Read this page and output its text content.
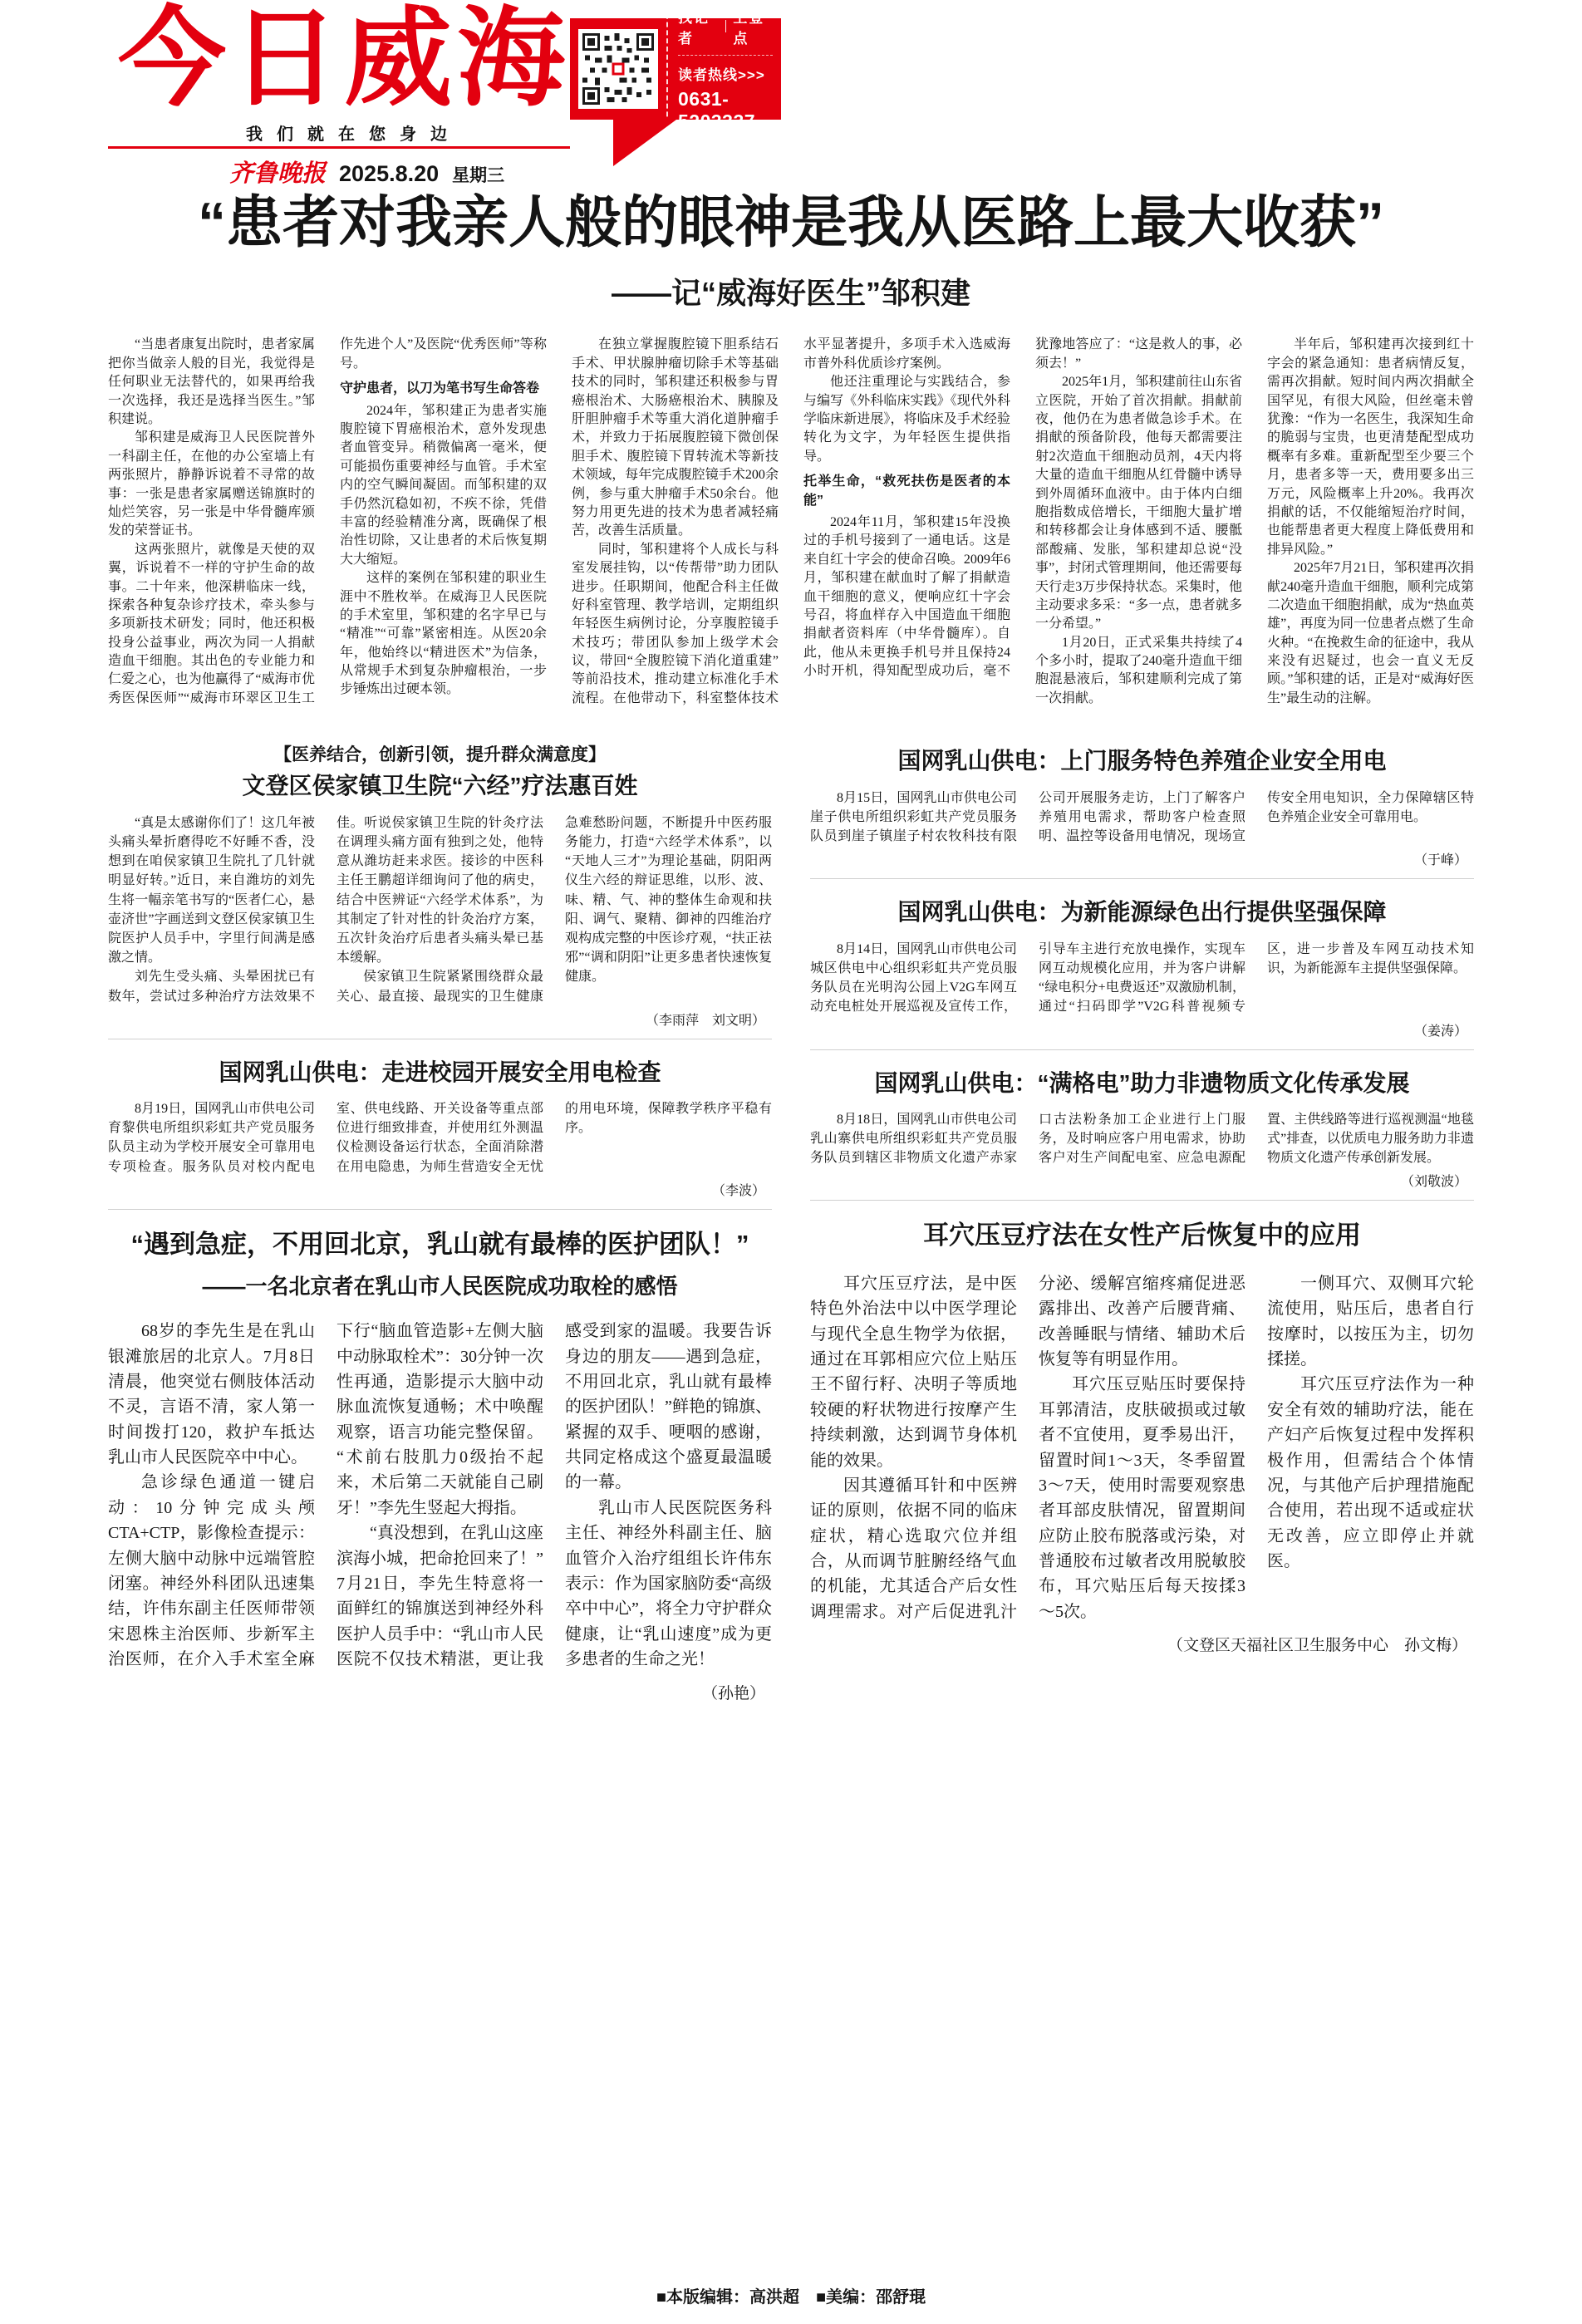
今日威海	找记者
上壹点
读者热线>>>
0631-5203337
我们就在您身边
齐鲁晚报 2025.8.20 星期三
“患者对我亲人般的眼神是我从医路上最大收获”
——记“威海好医生”邹积建

“当患者康复出院时，患者家属把你当做亲人般的目光，我觉得是任何职业无法替代的，如果再给我一次选择，我还是选择当医生。”邹积建说。

邹积建是威海卫人民医院普外一科副主任，在他的办公室墙上有两张照片，静静诉说着不寻常的故事：一张是患者家属赠送锦旗时的灿烂笑容，另一张是中华骨髓库颁发的荣誉证书。

这两张照片，就像是天使的双翼，诉说着不一样的守护生命的故事。二十年来，他深耕临床一线，探索各种复杂诊疗技术，牵头参与多项新技术研发；同时，他还积极投身公益事业，两次为同一人捐献造血干细胞。其出色的专业能力和仁爱之心，也为他赢得了“威海市优秀医保医师”“威海市环翠区卫生工作先进个人”及医院“优秀医师”等称号。

守护患者，以刀为笔书写生命答卷

2024年，邹积建正为患者实施腹腔镜下胃癌根治术，意外发现患者血管变异。稍微偏离一毫米，便可能损伤重要神经与血管。手术室内的空气瞬间凝固。而邹积建的双手仍然沉稳如初，不疾不徐，凭借丰富的经验精准分离，既确保了根治性切除，又让患者的术后恢复期大大缩短。

这样的案例在邹积建的职业生涯中不胜枚举。在威海卫人民医院的手术室里，邹积建的名字早已与“精准”“可靠”紧密相连。从医20余年，他始终以“精进医术”为信条，从常规手术到复杂肿瘤根治，一步步锤炼出过硬本领。

在独立掌握腹腔镜下胆系结石手术、甲状腺肿瘤切除手术等基础技术的同时，邹积建还积极参与胃癌根治术、大肠癌根治术、胰腺及肝胆肿瘤手术等重大消化道肿瘤手术，并致力于拓展腹腔镜下微创保胆手术、腹腔镜下胃转流术等新技术领域，每年完成腹腔镜手术200余例，参与重大肿瘤手术50余台。他努力用更先进的技术为患者减轻痛苦，改善生活质量。

同时，邹积建将个人成长与科室发展挂钩，以“传帮带”助力团队进步。任职期间，他配合科主任做好科室管理、教学培训，定期组织年轻医生病例讨论，分享腹腔镜手术技巧；带团队参加上级学术会议，带回“全腹腔镜下消化道重建”等前沿技术，推动建立标准化手术流程。在他带动下，科室整体技术水平显著提升，多项手术入选威海市普外科优质诊疗案例。

他还注重理论与实践结合，参与编写《外科临床实践》《现代外科学临床新进展》，将临床及手术经验转化为文字，为年轻医生提供指导。

托举生命，“救死扶伤是医者的本能”

2024年11月，邹积建15年没换过的手机号接到了一通电话。这是来自红十字会的使命召唤。2009年6月，邹积建在献血时了解了捐献造血干细胞的意义，便响应红十字会号召，将血样存入中国造血干细胞捐献者资料库（中华骨髓库）。自此，他从未更换手机号并且保持24小时开机，得知配型成功后，毫不犹豫地答应了：“这是救人的事，必须去！”

2025年1月，邹积建前往山东省立医院，开始了首次捐献。捐献前夜，他仍在为患者做急诊手术。在捐献的预备阶段，他每天都需要注射2次造血干细胞动员剂，4天内将大量的造血干细胞从红骨髓中诱导到外周循环血液中。由于体内白细胞指数成倍增长，干细胞大量扩增和转移都会让身体感到不适、腰骶部酸痛、发胀，邹积建却总说“没事”，封闭式管理期间，他还需要每天行走3万步保持状态。采集时，他主动要求多采：“多一点，患者就多一分希望。”

1月20日，正式采集共持续了4个多小时，提取了240毫升造血干细胞混悬液后，邹积建顺利完成了第一次捐献。

半年后，邹积建再次接到红十字会的紧急通知：患者病情反复，需再次捐献。短时间内两次捐献全国罕见，有很大风险，但丝毫未曾犹豫：“作为一名医生，我深知生命的脆弱与宝贵，也更清楚配型成功概率有多难。重新配型至少要三个月，患者多等一天，费用要多出三万元，风险概率上升20%。我再次捐献的话，不仅能缩短治疗时间，也能帮患者更大程度上降低费用和排异风险。”

2025年7月21日，邹积建再次捐献240毫升造血干细胞，顺利完成第二次造血干细胞捐献，成为“热血英雄”，再度为同一位患者点燃了生命火种。“在挽救生命的征途中，我从来没有迟疑过，也会一直义无反顾。”邹积建的话，正是对“威海好医生”最生动的注解。

【医养结合，创新引领，提升群众满意度】
文登区侯家镇卫生院“六经”疗法惠百姓

“真是太感谢你们了！这几年被头痛头晕折磨得吃不好睡不香，没想到在咱侯家镇卫生院扎了几针就明显好转。”近日，来自潍坊的刘先生将一幅亲笔书写的“医者仁心，悬壶济世”字画送到文登区侯家镇卫生院医护人员手中，字里行间满是感激之情。

刘先生受头痛、头晕困扰已有数年，尝试过多种治疗方法效果不佳。听说侯家镇卫生院的针灸疗法在调理头痛方面有独到之处，他特意从潍坊赶来求医。接诊的中医科主任王鹏超详细询问了他的病史，结合中医辨证“六经学术体系”，为其制定了针对性的针灸治疗方案，五次针灸治疗后患者头痛头晕已基本缓解。

侯家镇卫生院紧紧围绕群众最关心、最直接、最现实的卫生健康急难愁盼问题，不断提升中医药服务能力，打造“六经学术体系”，以“天地人三才”为理论基础，阴阳两仪生六经的辩证思维，以形、波、味、精、气、神的整体生命观和扶阳、调气、聚精、御神的四维治疗观构成完整的中医诊疗观，“扶正祛邪”“调和阴阳”让更多患者快速恢复健康。

（李雨萍　刘文明）
国网乳山供电：走进校园开展安全用电检查

8月19日，国网乳山市供电公司育黎供电所组织彩虹共产党员服务队员主动为学校开展安全可靠用电专项检查。服务队员对校内配电室、供电线路、开关设备等重点部位进行细致排查，并使用红外测温仪检测设备运行状态，全面消除潜在用电隐患，为师生营造安全无忧的用电环境，保障教学秩序平稳有序。

（李波）
“遇到急症，不用回北京，乳山就有最棒的医护团队！”
——一名北京者在乳山市人民医院成功取栓的感悟

68岁的李先生是在乳山银滩旅居的北京人。7月8日清晨，他突觉右侧肢体活动不灵，言语不清，家人第一时间拨打120，救护车抵达乳山市人民医院卒中中心。

急诊绿色通道一键启动：10分钟完成头颅CTA+CTP，影像检查提示：左侧大脑中动脉中远端管腔闭塞。神经外科团队迅速集结，许伟东副主任医师带领宋恩株主治医师、步新军主治医师，在介入手术室全麻下行“脑血管造影+左侧大脑中动脉取栓术”：30分钟一次性再通，造影提示大脑中动脉血流恢复通畅；术中唤醒观察，语言功能完整保留。“术前右肢肌力0级抬不起来，术后第二天就能自己刷牙！”李先生竖起大拇指。

“真没想到，在乳山这座滨海小城，把命抢回来了！”7月21日，李先生特意将一面鲜红的锦旗送到神经外科医护人员手中：“乳山市人民医院不仅技术精湛，更让我感受到家的温暖。我要告诉身边的朋友——遇到急症，不用回北京，乳山就有最棒的医护团队！”鲜艳的锦旗、紧握的双手、哽咽的感谢，共同定格成这个盛夏最温暖的一幕。

乳山市人民医院医务科主任、神经外科副主任、脑血管介入治疗组组长许伟东表示：作为国家脑防委“高级卒中中心”，将全力守护群众健康，让“乳山速度”成为更多患者的生命之光！

（孙艳）
国网乳山供电：上门服务特色养殖企业安全用电

8月15日，国网乳山市供电公司崖子供电所组织彩虹共产党员服务队员到崖子镇崖子村农牧科技有限公司开展服务走访，上门了解客户养殖用电需求，帮助客户检查照明、温控等设备用电情况，现场宣传安全用电知识，全力保障辖区特色养殖企业安全可靠用电。

（于峰）
国网乳山供电：为新能源绿色出行提供坚强保障

8月14日，国网乳山市供电公司城区供电中心组织彩虹共产党员服务队员在光明沟公园上V2G车网互动充电桩处开展巡视及宣传工作，引导车主进行充放电操作，实现车网互动规模化应用，并为客户讲解“绿电积分+电费返还”双激励机制，通过“扫码即学”V2G科普视频专区，进一步普及车网互动技术知识，为新能源车主提供坚强保障。

（姜涛）
国网乳山供电：“满格电”助力非遗物质文化传承发展

8月18日，国网乳山市供电公司乳山寨供电所组织彩虹共产党员服务队员到辖区非物质文化遗产赤家口古法粉条加工企业进行上门服务，及时响应客户用电需求，协助客户对生产间配电室、应急电源配置、主供线路等进行巡视测温“地毯式”排查，以优质电力服务助力非遗物质文化遗产传承创新发展。

（刘敬波）
耳穴压豆疗法在女性产后恢复中的应用

耳穴压豆疗法，是中医特色外治法中以中医学理论与现代全息生物学为依据，通过在耳郭相应穴位上贴压王不留行籽、决明子等质地较硬的籽状物进行按摩产生持续刺激，达到调节身体机能的效果。

因其遵循耳针和中医辨证的原则，依据不同的临床症状，精心选取穴位并组合，从而调节脏腑经络气血的机能，尤其适合产后女性调理需求。对产后促进乳汁分泌、缓解宫缩疼痛促进恶露排出、改善产后腰背痛、改善睡眠与情绪、辅助术后恢复等有明显作用。

耳穴压豆贴压时要保持耳郭清洁，皮肤破损或过敏者不宜使用，夏季易出汗，留置时间1～3天，冬季留置3～7天，使用时需要观察患者耳部皮肤情况，留置期间应防止胶布脱落或污染，对普通胶布过敏者改用脱敏胶布，耳穴贴压后每天按揉3～5次。

一侧耳穴、双侧耳穴轮流使用，贴压后，患者自行按摩时，以按压为主，切勿揉搓。

耳穴压豆疗法作为一种安全有效的辅助疗法，能在产妇产后恢复过程中发挥积极作用，但需结合个体情况，与其他产后护理措施配合使用，若出现不适或症状无改善，应立即停止并就医。

（文登区天福社区卫生服务中心　孙文梅）
■本版编辑：高洪超 ■美编：邵舒琨
